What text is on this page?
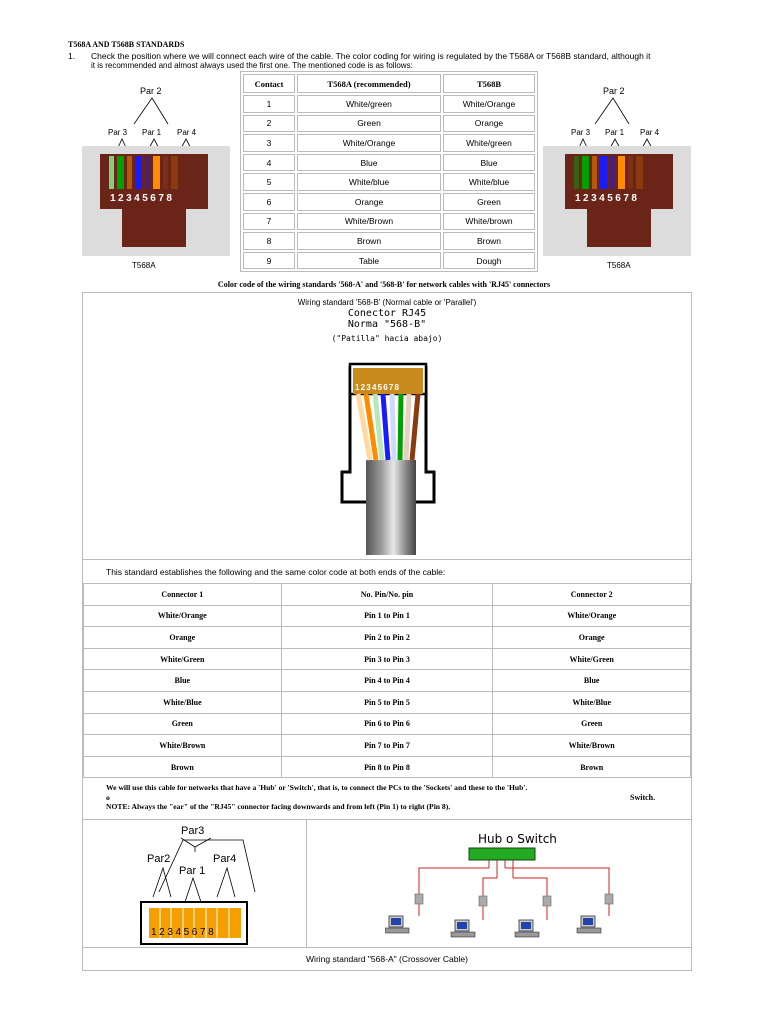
T568A AND T568B STANDARDS
1. Check the position where we will connect each wire of the cable. The color coding for wiring is regulated by the T568A or T568B standard, although it
it is recommended and almost always used the first one. The mentioned code is as follows:
Par 2
Par 3 Par 1 Par 4
12345678
T568A
Contact	T568A (recommended)	T568B
1	White/green	White/Orange
2	Green	Orange
3	White/Orange	White/green
4	Blue	Blue
5	White/blue	White/blue
6	Orange	Green
7	White/Brown	White/brown
8	Brown	Brown
9	Table	Dough
Par 2
Par 3 Par 1 Par 4
12345678
T568A
Color code of the wiring standards '568-A' and '568-B' for network cables with 'RJ45' connectors
Wiring standard '568-B' (Normal cable or 'Parallel')
Conector RJ45
Norma "568-B"
("Patilla" hacia abajo)
12345678
This standard establishes the following and the same color code at both ends of the cable:
Connector 1	No. Pin/No. pin	Connector 2
White/Orange	Pin 1 to Pin 1	White/Orange
Orange	Pin 2 to Pin 2	Orange
White/Green	Pin 3 to Pin 3	White/Green
Blue	Pin 4 to Pin 4	Blue
White/Blue	Pin 5 to Pin 5	White/Blue
Green	Pin 6 to Pin 6	Green
White/Brown	Pin 7 to Pin 7	White/Brown
Brown	Pin 8 to Pin 8	Brown
We will use this cable for networks that have a 'Hub' or 'Switch', that is, to connect the PCs to the 'Sockets' and these to the 'Hub'.
o
NOTE: Always the "ear" of the "RJ45" connector facing downwards and from left (Pin 1) to right (Pin 8).
Switch.
Par3
Par2	Par4
Par 1
12345678
Hub o Switch
Wiring standard "568-A" (Crossover Cable)
